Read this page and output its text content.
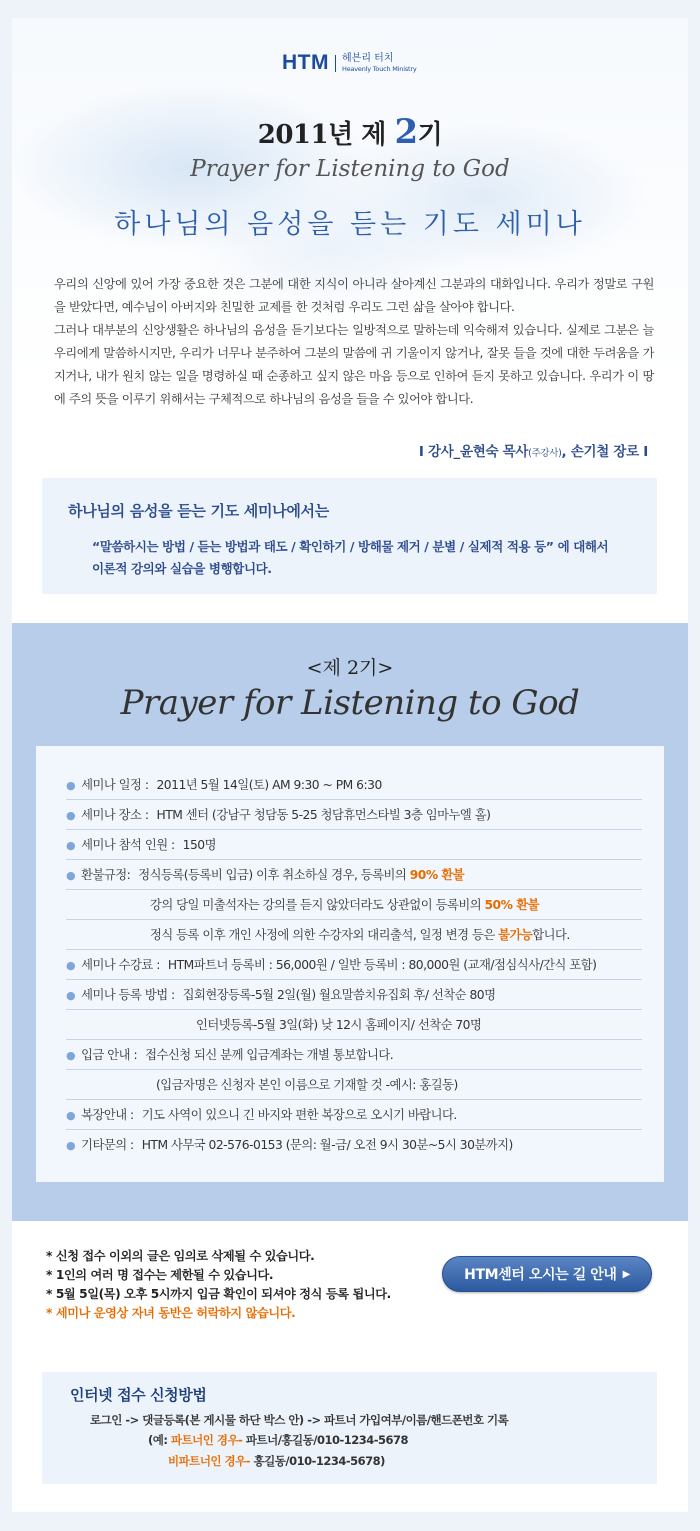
HTM 헤븐리 터치
Heavenly Touch Ministry
2011년 제 2기
Prayer for Listening to God
하나님의 음성을 듣는 기도 세미나

우리의 신앙에 있어 가장 중요한 것은 그분에 대한 지식이 아니라 살아계신 그분과의 대화입니다. 우리가 정말로 구원을 받았다면, 예수님이 아버지와 친밀한 교제를 한 것처럼 우리도 그런 삶을 살아야 합니다.

그러나 대부분의 신앙생활은 하나님의 음성을 듣기보다는 일방적으로 말하는데 익숙해져 있습니다. 실제로 그분은 늘 우리에게 말씀하시지만, 우리가 너무나 분주하여 그분의 말씀에 귀 기울이지 않거나, 잘못 들을 것에 대한 두려움을 가지거나, 내가 원치 않는 일을 명령하실 때 순종하고 싶지 않은 마음 등으로 인하여 듣지 못하고 있습니다. 우리가 이 땅에 주의 뜻을 이루기 위해서는 구체적으로 하나님의 음성을 들을 수 있어야 합니다.

I 강사_윤현숙 목사(주강사), 손기철 장로 I
하나님의 음성을 듣는 기도 세미나에서는
“말씀하시는 방법 / 듣는 방법과 태도 / 확인하기 / 방해물 제거 / 분별 / 실제적 적용 등” 에 대해서
이론적 강의와 실습을 병행합니다.
<제 2기>
Prayer for Listening to God
● 세미나 일정 : 2011년 5월 14일(토) AM 9:30 ~ PM 6:30
● 세미나 장소 : HTM 센터 (강남구 청담동 5-25 청담휴먼스타빌 3층 임마누엘 홀)
● 세미나 참석 인원 : 150명
● 환불규정: 정식등록(등록비 입금) 이후 취소하실 경우, 등록비의 90% 환불
강의 당일 미출석자는 강의를 듣지 않았더라도 상관없이 등록비의 50% 환불
정식 등록 이후 개인 사정에 의한 수강자외 대리출석, 일정 변경 등은 불가능합니다.
● 세미나 수강료 : HTM파트너 등록비 : 56,000원 / 일반 등록비 : 80,000원 (교재/점심식사/간식 포함)
● 세미나 등록 방법 : 집회현장등록-5월 2일(월) 월요말씀치유집회 후/ 선착순 80명
인터넷등록-5월 3일(화) 낮 12시 홈페이지/ 선착순 70명
● 입금 안내 : 접수신청 되신 분께 입금계좌는 개별 통보합니다.
(입금자명은 신청자 본인 이름으로 기재할 것 -예시: 홍길동)
● 복장안내 : 기도 사역이 있으니 긴 바지와 편한 복장으로 오시기 바랍니다.
● 기타문의 : HTM 사무국 02-576-0153 (문의: 월-금/ 오전 9시 30분~5시 30분까지)
* 신청 접수 이외의 글은 임의로 삭제될 수 있습니다.
* 1인의 여러 명 접수는 제한될 수 있습니다.
* 5월 5일(목) 오후 5시까지 입금 확인이 되셔야 정식 등록 됩니다.
* 세미나 운영상 자녀 동반은 허락하지 않습니다.
HTM센터 오시는 길 안내 ▶
인터넷 접수 신청방법
로그인 -> 댓글등록(본 게시물 하단 박스 안) -> 파트너 가입여부/이름/핸드폰번호 기록
(예: 파트너인 경우- 파트너/홍길동/010-1234-5678
비파트너인 경우- 홍길동/010-1234-5678)
